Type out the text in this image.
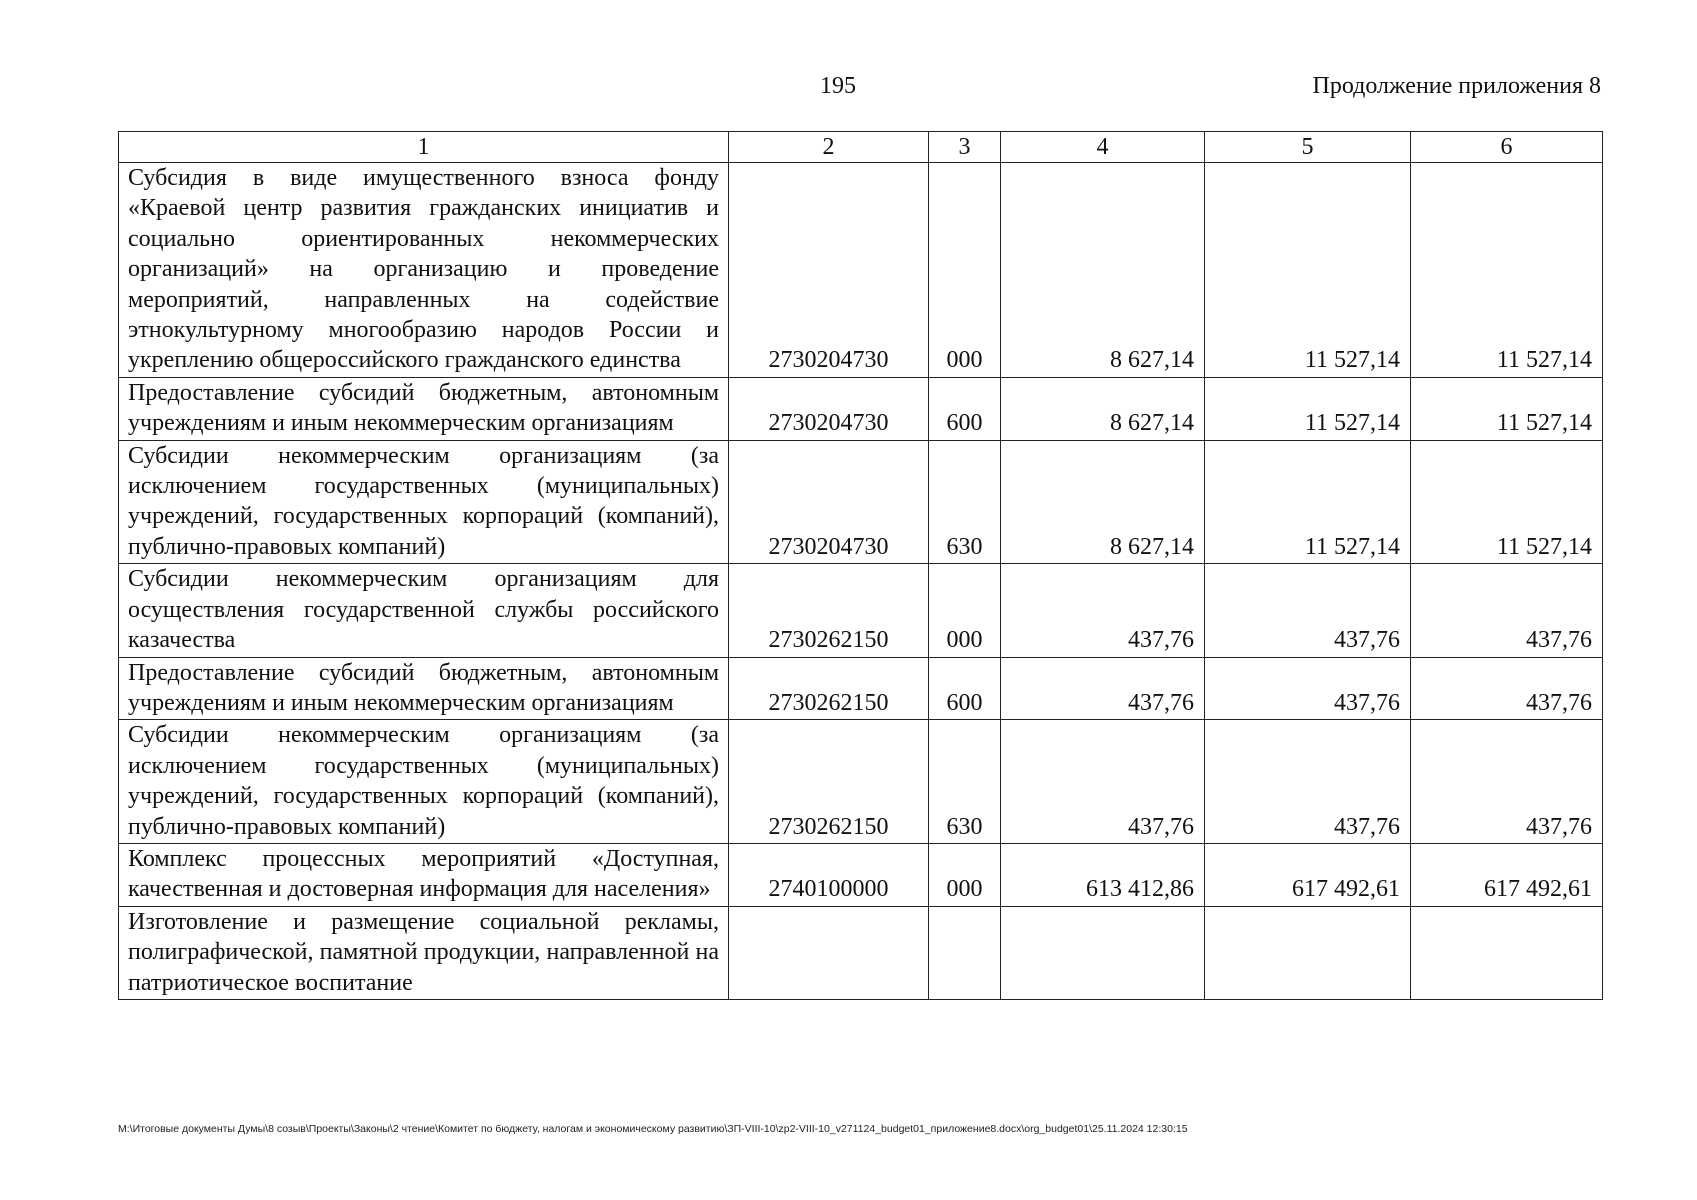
195	Продолжение приложения 8
1	2	3	4	5	6
Субсидия в виде имущественного взноса фонду «Краевой центр развития гражданских инициатив и социально ориентированных некоммерческих организаций» на организацию и проведение мероприятий, направленных на содействие этнокультурному многообразию народов России и укреплению общероссийского гражданского единства	2730204730	000	8 627,14	11 527,14	11 527,14
Предоставление субсидий бюджетным, автономным учреждениям и иным некоммерческим организациям	2730204730	600	8 627,14	11 527,14	11 527,14
Субсидии некоммерческим организациям (за исключением государственных (муниципальных) учреждений, государственных корпораций (компаний), публично-правовых компаний)	2730204730	630	8 627,14	11 527,14	11 527,14
Субсидии некоммерческим организациям для осуществления государственной службы российского казачества	2730262150	000	437,76	437,76	437,76
Предоставление субсидий бюджетным, автономным учреждениям и иным некоммерческим организациям	2730262150	600	437,76	437,76	437,76
Субсидии некоммерческим организациям (за исключением государственных (муниципальных) учреждений, государственных корпораций (компаний), публично-правовых компаний)	2730262150	630	437,76	437,76	437,76
Комплекс процессных мероприятий «Доступная, качественная и достоверная информация для населения»	2740100000	000	613 412,86	617 492,61	617 492,61
Изготовление и размещение социальной рекламы, полиграфической, памятной продукции, направленной на патриотическое воспитание					
М:\Итоговые документы Думы\8 созыв\Проекты\Законы\2 чтение\Комитет по бюджету, налогам и экономическому развитию\ЗП-VIII-10\zp2-VIII-10_v271124_budget01_приложение8.docx\org_budget01\25.11.2024 12:30:15
